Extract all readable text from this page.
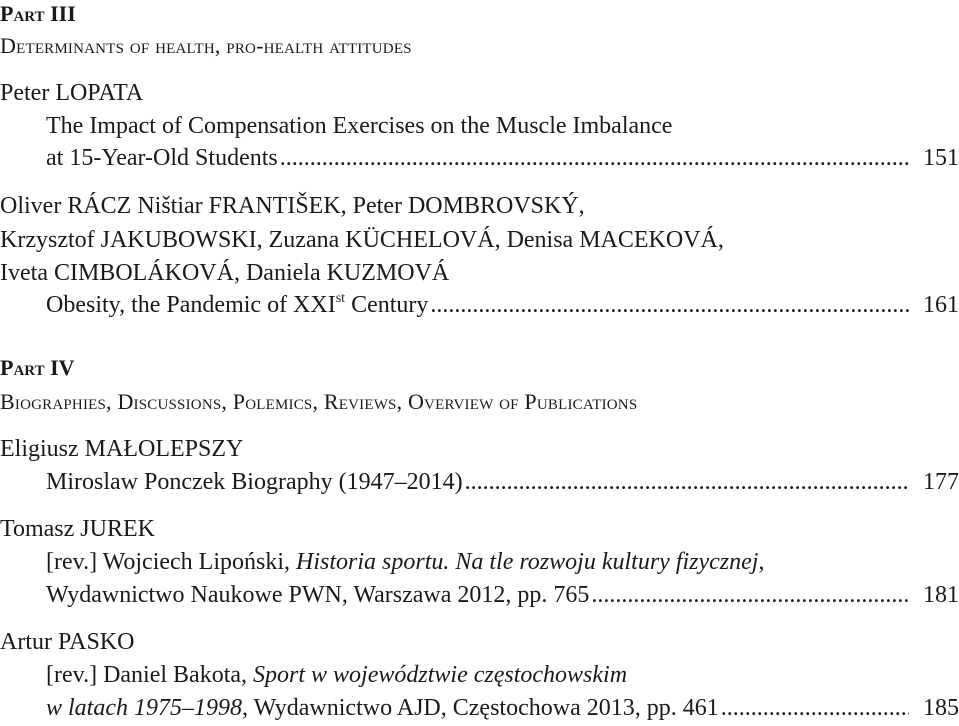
Part III
Determinants of health, pro-health attitudes
Peter LOPATA
The Impact of Compensation Exercises on the Muscle Imbalance
at 15-Year-Old Students .....	151
Oliver RÁCZ Ništiar FRANTIŠEK, Peter DOMBROVSKÝ,
Krzysztof JAKUBOWSKI, Zuzana KÜCHELOVÁ, Denisa MACEKOVÁ,
Iveta CIMBOLÁKOVÁ, Daniela KUZMOVÁ
Obesity, the Pandemic of XXIst Century .....	161
Part IV
Biographies, Discussions, Polemics, Reviews, Overview of Publications
Eligiusz MAŁOLEPSZY
Miroslaw Ponczek Biography (1947–2014) .....	177
Tomasz JUREK
[rev.] Wojciech Lipoński, Historia sportu. Na tle rozwoju kultury fizycznej,
Wydawnictwo Naukowe PWN, Warszawa 2012, pp. 765 .....	181
Artur PASKO
[rev.] Daniel Bakota, Sport w województwie częstochowskim
w latach 1975–1998, Wydawnictwo AJD, Częstochowa 2013, pp. 461 .....	185
